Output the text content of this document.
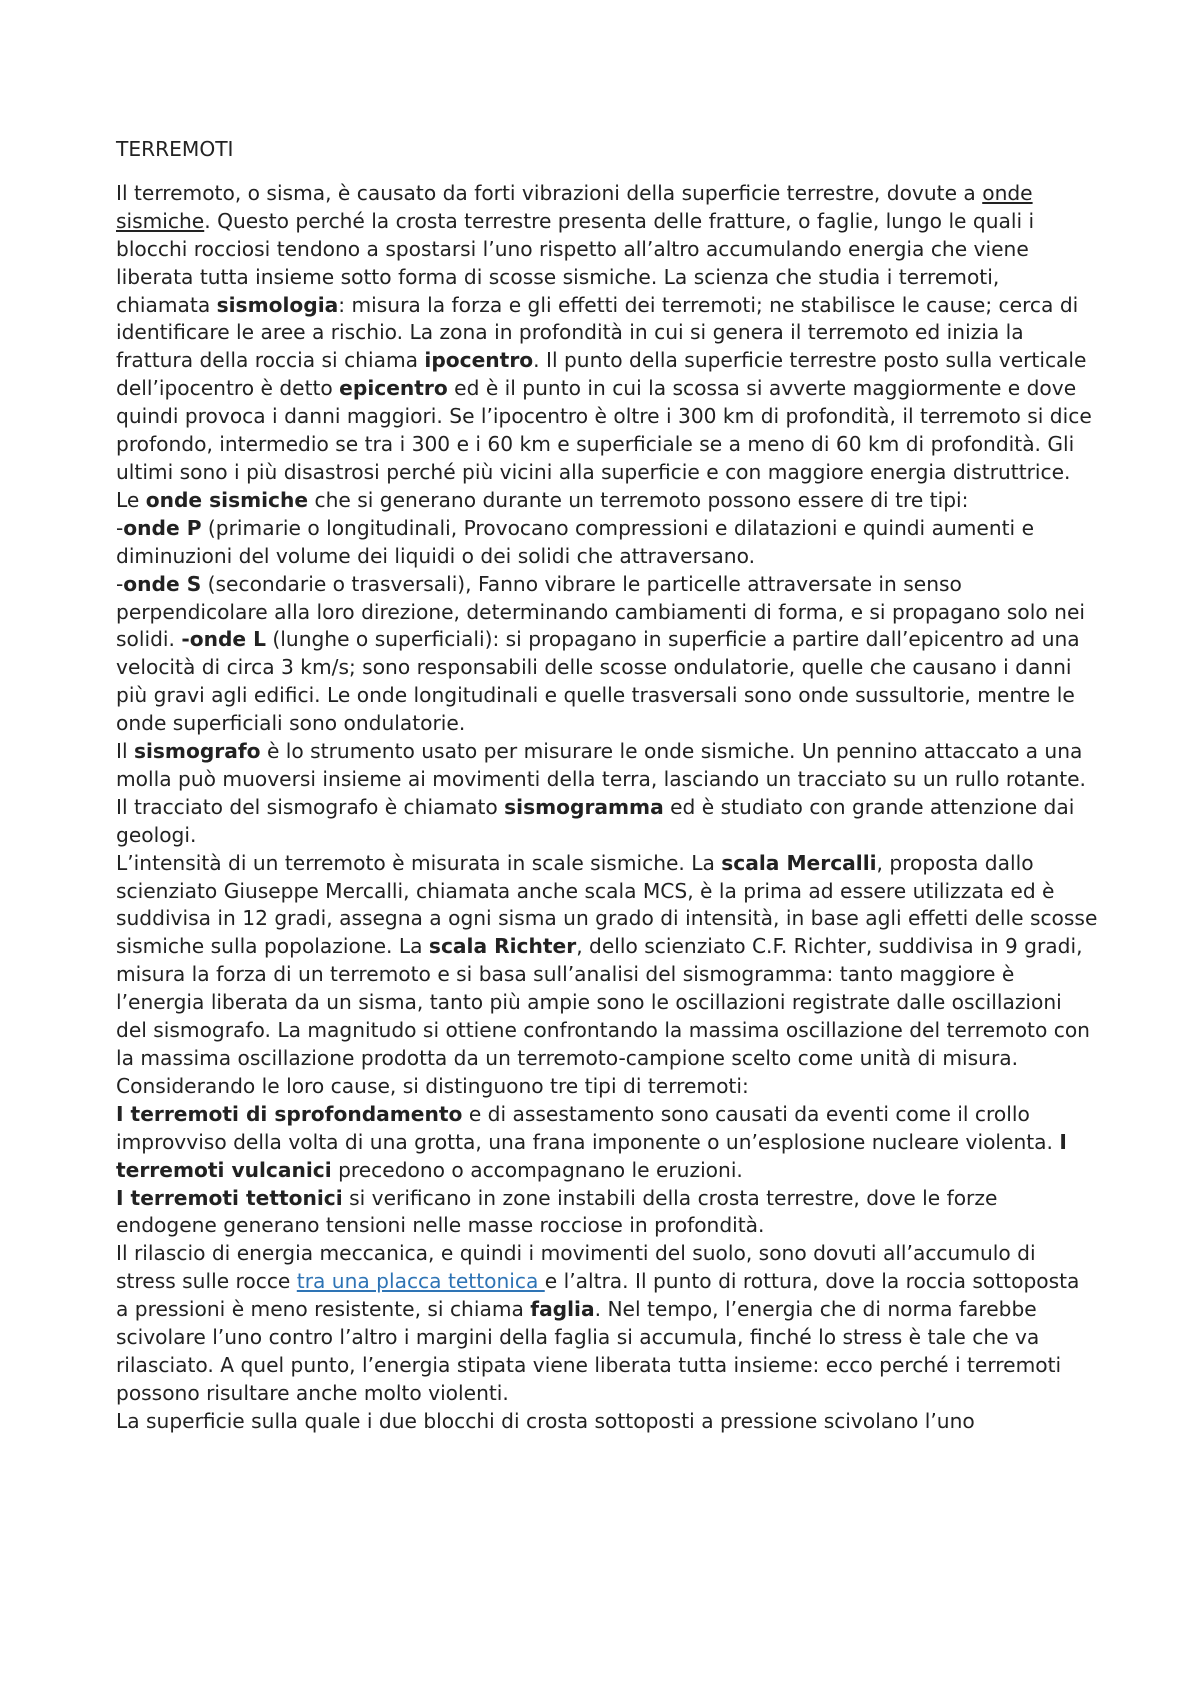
TERREMOTI

Il terremoto, o sisma, è causato da forti vibrazioni della superficie terrestre, dovute a onde sismiche. Questo perché la crosta terrestre presenta delle fratture, o faglie, lungo le quali i blocchi rocciosi tendono a spostarsi l’uno rispetto all’altro accumulando energia che viene liberata tutta insieme sotto forma di scosse sismiche. La scienza che studia i terremoti, chiamata sismologia: misura la forza e gli effetti dei terremoti; ne stabilisce le cause; cerca di identificare le aree a rischio. La zona in profondità in cui si genera il terremoto ed inizia la frattura della roccia si chiama ipocentro. Il punto della superficie terrestre posto sulla verticale dell’ipocentro è detto epicentro ed è il punto in cui la scossa si avverte maggiormente e dove quindi provoca i danni maggiori. Se l’ipocentro è oltre i 300 km di profondità, il terremoto si dice profondo, intermedio se tra i 300 e i 60 km e superficiale se a meno di 60 km di profondità. Gli ultimi sono i più disastrosi perché più vicini alla superficie e con maggiore energia distruttrice.

Le onde sismiche che si generano durante un terremoto possono essere di tre tipi:

-onde P (primarie o longitudinali, Provocano compressioni e dilatazioni e quindi aumenti e diminuzioni del volume dei liquidi o dei solidi che attraversano.

-onde S (secondarie o trasversali), Fanno vibrare le particelle attraversate in senso perpendicolare alla loro direzione, determinando cambiamenti di forma, e si propagano solo nei solidi. -onde L (lunghe o superficiali): si propagano in superficie a partire dall’epicentro ad una velocità di circa 3 km/s; sono responsabili delle scosse ondulatorie, quelle che causano i danni più gravi agli edifici. Le onde longitudinali e quelle trasversali sono onde sussultorie, mentre le onde superficiali sono ondulatorie.

Il sismografo è lo strumento usato per misurare le onde sismiche. Un pennino attaccato a una molla può muoversi insieme ai movimenti della terra, lasciando un tracciato su un rullo rotante. Il tracciato del sismografo è chiamato sismogramma ed è studiato con grande attenzione dai geologi.

L’intensità di un terremoto è misurata in scale sismiche. La scala Mercalli, proposta dallo scienziato Giuseppe Mercalli, chiamata anche scala MCS, è la prima ad essere utilizzata ed è suddivisa in 12 gradi, assegna a ogni sisma un grado di intensità, in base agli effetti delle scosse sismiche sulla popolazione. La scala Richter, dello scienziato C.F. Richter, suddivisa in 9 gradi, misura la forza di un terremoto e si basa sull’analisi del sismogramma: tanto maggiore è l’energia liberata da un sisma, tanto più ampie sono le oscillazioni registrate dalle oscillazioni del sismografo. La magnitudo si ottiene confrontando la massima oscillazione del terremoto con la massima oscillazione prodotta da un terremoto-campione scelto come unità di misura.

Considerando le loro cause, si distinguono tre tipi di terremoti:

I terremoti di sprofondamento e di assestamento sono causati da eventi come il crollo improvviso della volta di una grotta, una frana imponente o un’esplosione nucleare violenta. I terremoti vulcanici precedono o accompagnano le eruzioni.

I terremoti tettonici si verificano in zone instabili della crosta terrestre, dove le forze endogene generano tensioni nelle masse rocciose in profondità.

Il rilascio di energia meccanica, e quindi i movimenti del suolo, sono dovuti all’accumulo di stress sulle rocce tra una placca tettonica e l’altra. Il punto di rottura, dove la roccia sottoposta a pressioni è meno resistente, si chiama faglia. Nel tempo, l’energia che di norma farebbe scivolare l’uno contro l’altro i margini della faglia si accumula, finché lo stress è tale che va rilasciato. A quel punto, l’energia stipata viene liberata tutta insieme: ecco perché i terremoti possono risultare anche molto violenti.

La superficie sulla quale i due blocchi di crosta sottoposti a pressione scivolano l’uno
